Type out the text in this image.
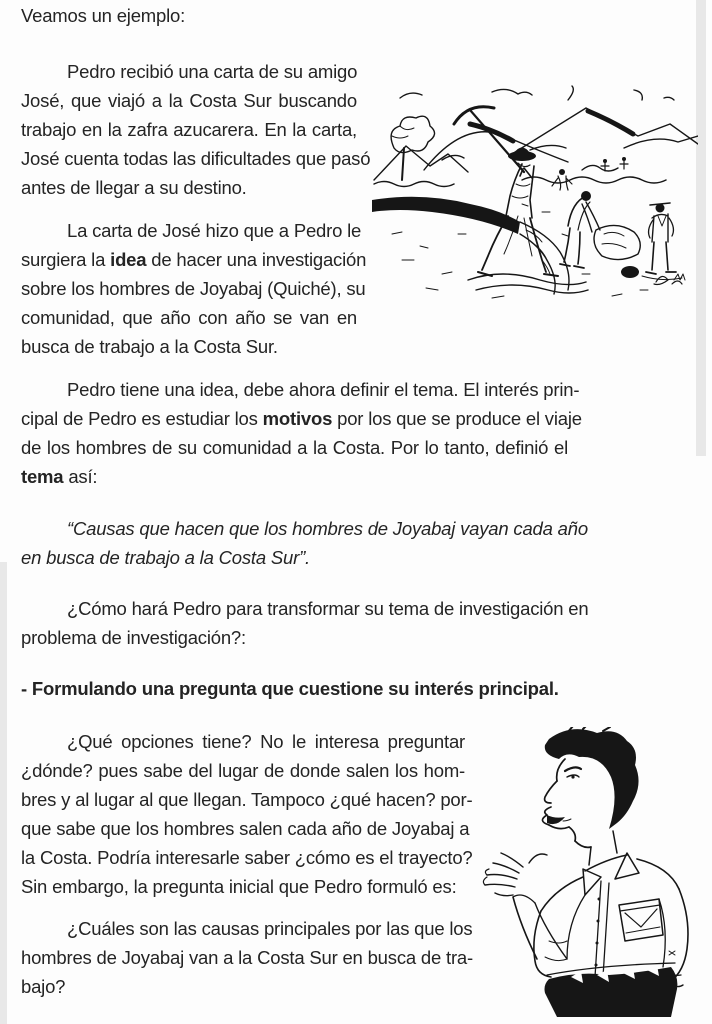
Veamos un ejemplo:
Pedro recibió una carta de su amigo
José, que viajó a la Costa Sur buscando
trabajo en la zafra azucarera. En la carta,
José cuenta todas las dificultades que pasó
antes de llegar a su destino.
La carta de José hizo que a Pedro le
surgiera la idea de hacer una investigación
sobre los hombres de Joyabaj (Quiché), su
comunidad, que año con año se van en
busca de trabajo a la Costa Sur.
Pedro tiene una idea, debe ahora definir el tema. El interés prin-
cipal de Pedro es estudiar los motivos por los que se produce el viaje
de los hombres de su comunidad a la Costa. Por lo tanto, definió el
tema así:
“Causas que hacen que los hombres de Joyabaj vayan cada año
en busca de trabajo a la Costa Sur”.
¿Cómo hará Pedro para transformar su tema de investigación en
problema de investigación?:
- Formulando una pregunta que cuestione su interés principal.
¿Qué opciones tiene? No le interesa preguntar
¿dónde? pues sabe del lugar de donde salen los hom-
bres y al lugar al que llegan. Tampoco ¿qué hacen? por-
que sabe que los hombres salen cada año de Joyabaj a
la Costa. Podría interesarle saber ¿cómo es el trayecto?
Sin embargo, la pregunta inicial que Pedro formuló es:
¿Cuáles son las causas principales por las que los
hombres de Joyabaj van a la Costa Sur en busca de tra-
bajo?
